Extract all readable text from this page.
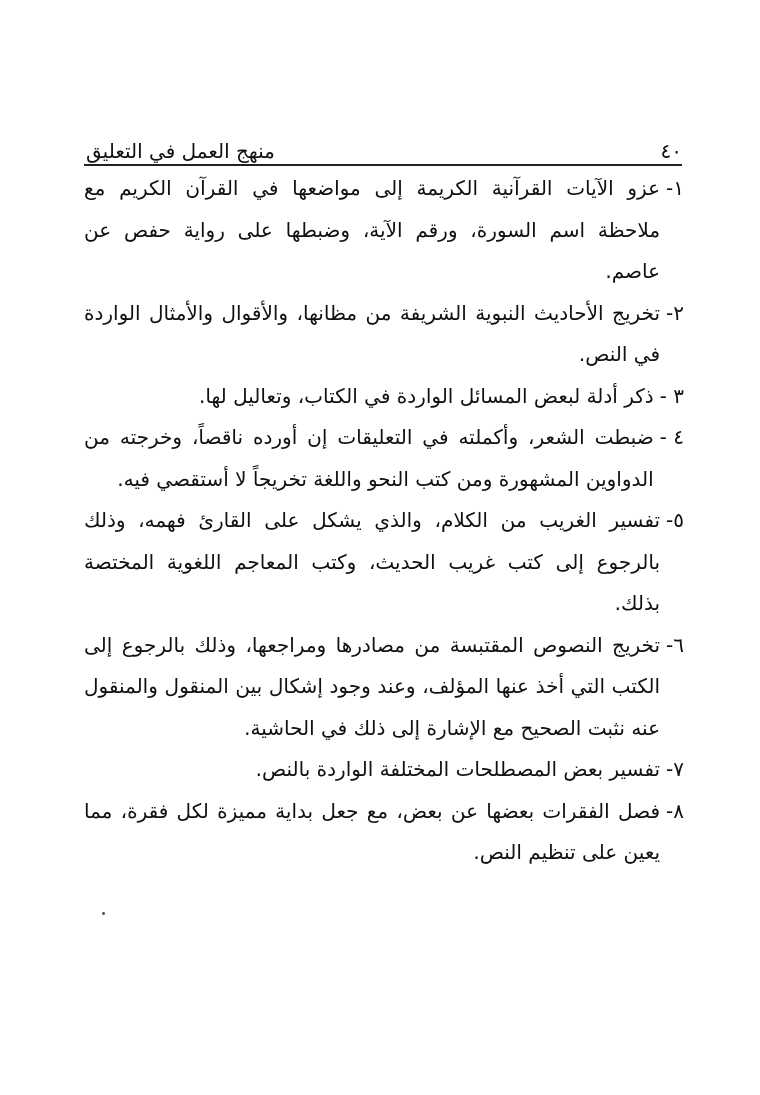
٤٠
منهج العمل في التعليق
١-
عزو الآيات القرآنية الكريمة إلى مواضعها في القرآن الكريم مع ملاحظة اسم السورة، ورقم الآية، وضبطها على رواية حفص عن عاصم.
٢-
تخريج الأحاديث النبوية الشريفة من مظانها، والأقوال والأمثال الواردة في النص.
٣ -
ذكر أدلة لبعض المسائل الواردة في الكتاب، وتعاليل لها.
٤ -
ضبطت الشعر، وأكملته في التعليقات إن أورده ناقصاً، وخرجته من الدواوين المشهورة ومن كتب النحو واللغة تخريجاً لا أستقصي فيه.
٥-
تفسير الغريب من الكلام، والذي يشكل على القارئ فهمه، وذلك بالرجوع إلى كتب غريب الحديث، وكتب المعاجم اللغوية المختصة بذلك.
٦-
تخريج النصوص المقتبسة من مصادرها ومراجعها، وذلك بالرجوع إلى الكتب التي أخذ عنها المؤلف، وعند وجود إشكال بين المنقول والمنقول عنه نثبت الصحيح مع الإشارة إلى ذلك في الحاشية.
٧-
تفسير بعض المصطلحات المختلفة الواردة بالنص.
٨-
فصل الفقرات بعضها عن بعض، مع جعل بداية مميزة لكل فقرة، مما يعين على تنظيم النص.
